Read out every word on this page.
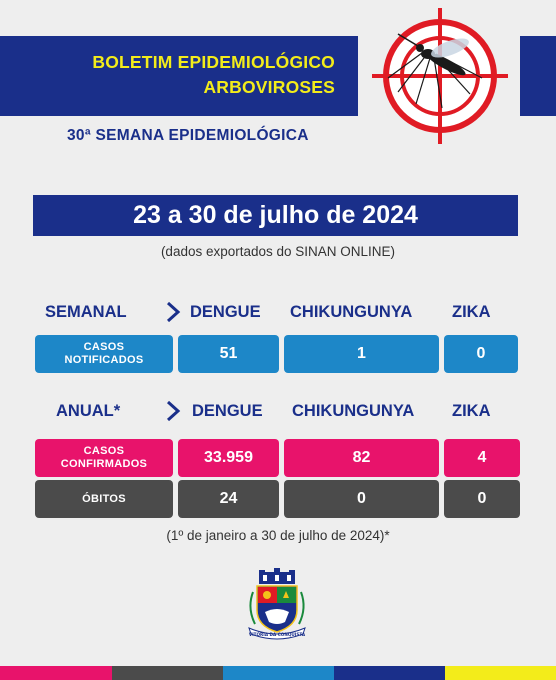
BOLETIM EPIDEMIOLÓGICO
ARBOVIROSES
30ª SEMANA EPIDEMIOLÓGICA
23 a 30 de julho de 2024
(dados exportados do SINAN ONLINE)
SEMANAL	DENGUE CHIKUNGUNYA ZIKA
CASOS
NOTIFICADOS	51	1	0
ANUAL*	DENGUE CHIKUNGUNYA ZIKA
CASOS
CONFIRMADOS	33.959	82	4
ÓBITOS	24	0	0
(1º de janeiro a 30 de julho de 2024)*
VITÓRIA DA CONQUISTA
